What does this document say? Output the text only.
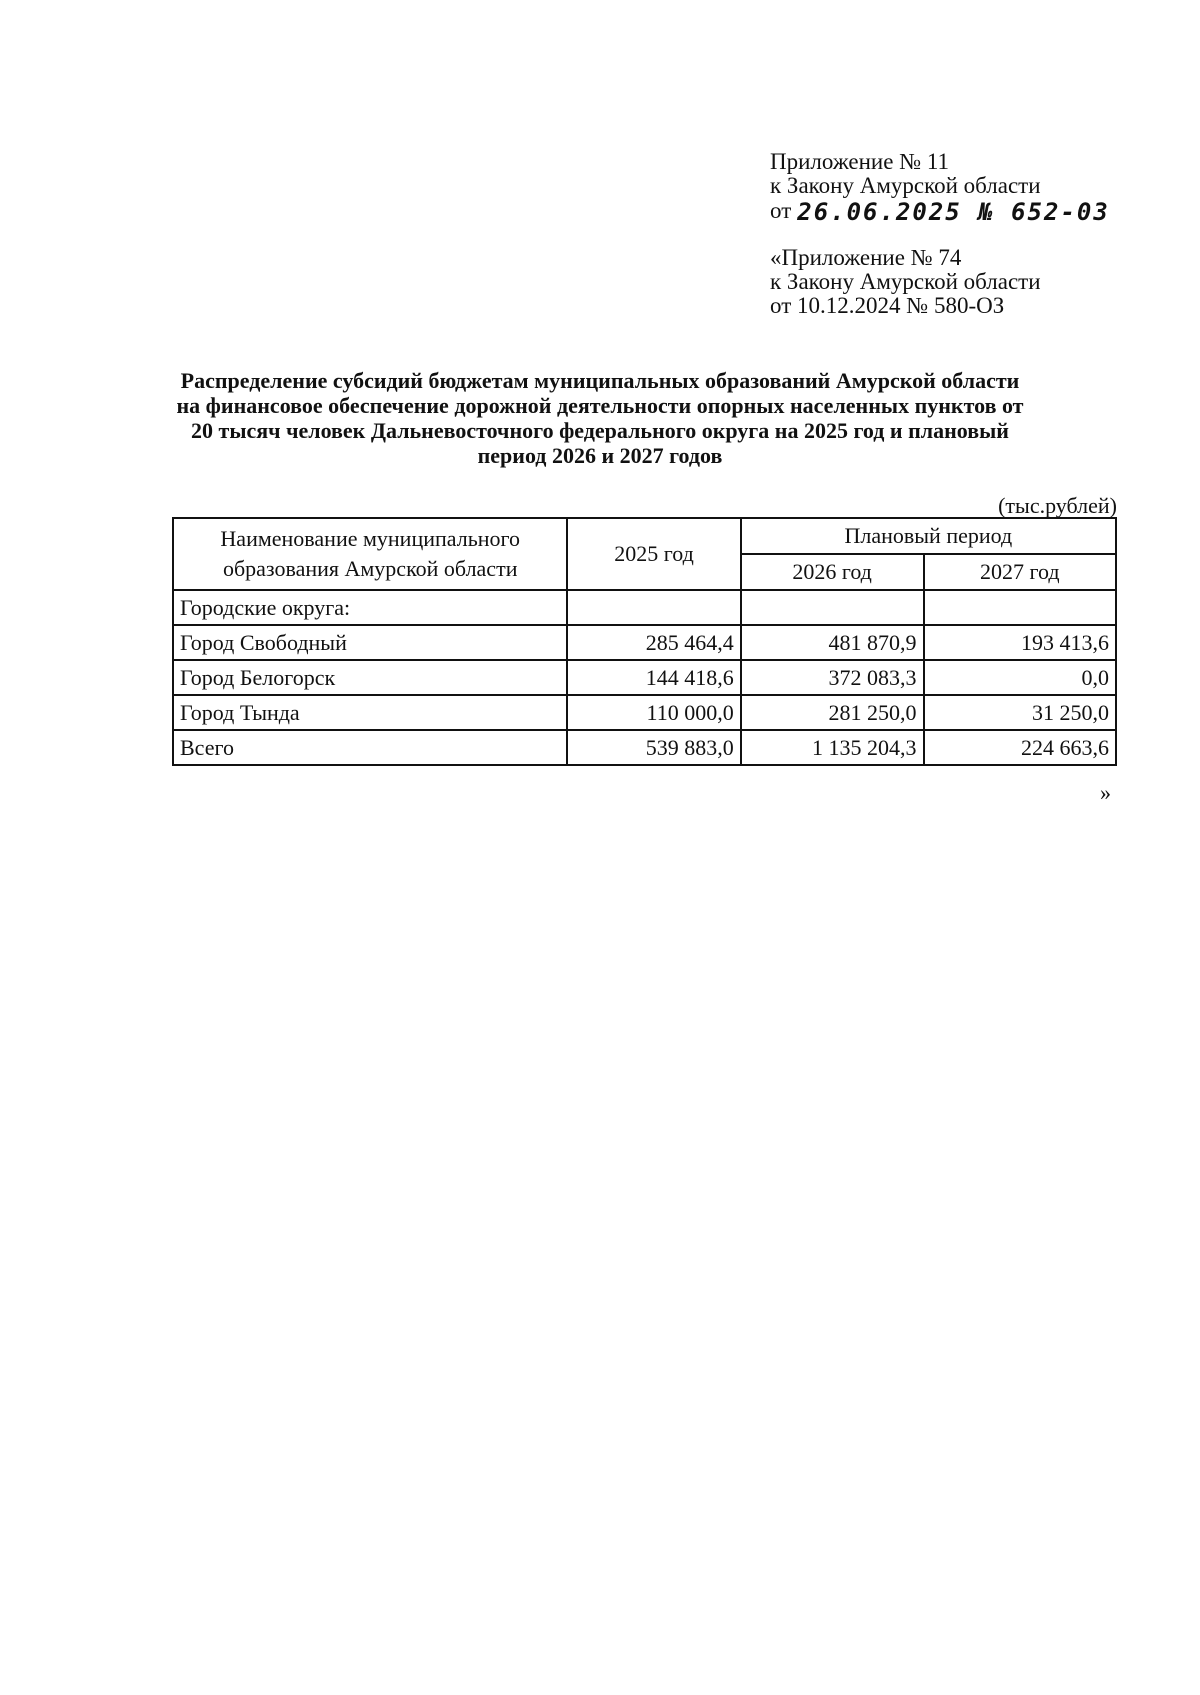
Приложение № 11
к Закону Амурской области
от 26.06.2025 № 652-03
«Приложение № 74
к Закону Амурской области
от 10.12.2024 № 580-ОЗ
Распределение субсидий бюджетам муниципальных образований Амурской области
на финансовое обеспечение дорожной деятельности опорных населенных пунктов от
20 тысяч человек Дальневосточного федерального округа на 2025 год и плановый
период 2026 и 2027 годов
(тыс.рублей)
Наименование муниципального
образования Амурской области	2025 год	Плановый период	
		2026 год	2027 год
Городские округа:			
Город Свободный	285 464,4	481 870,9	193 413,6
Город Белогорск	144 418,6	372 083,3	0,0
Город Тында	110 000,0	281 250,0	31 250,0
Всего	539 883,0	1 135 204,3	224 663,6
»
